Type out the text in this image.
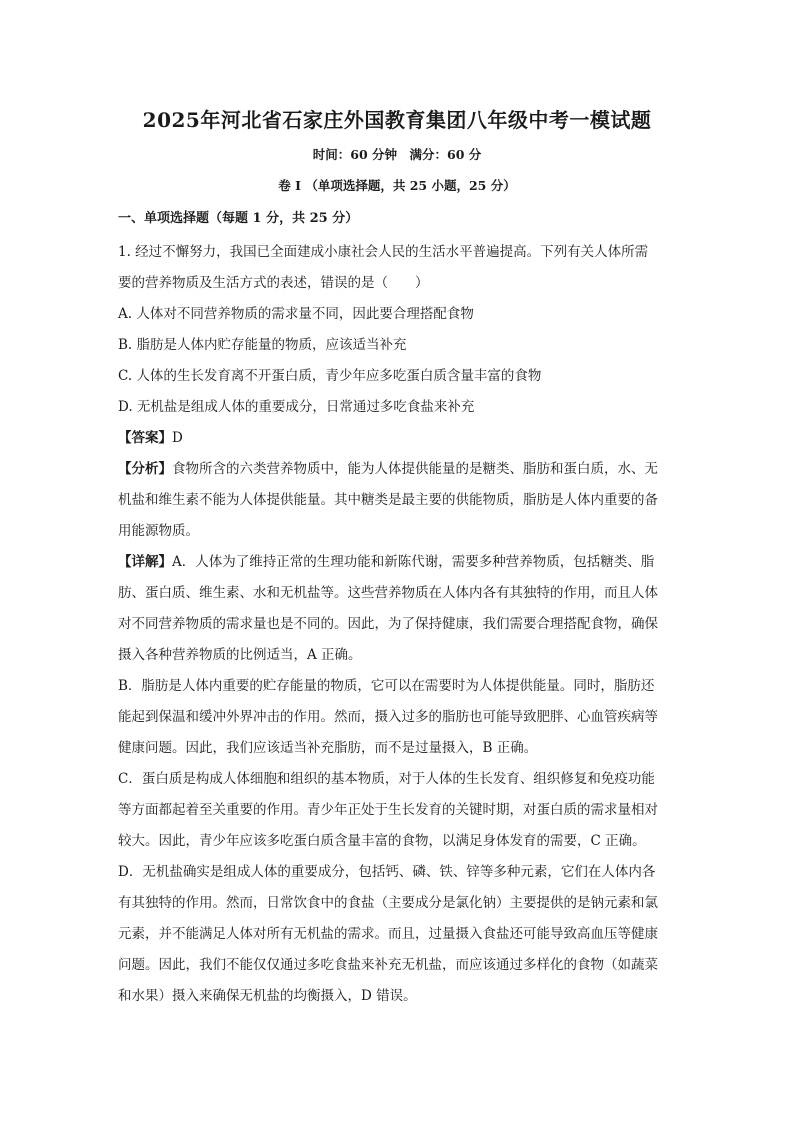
2025年河北省石家庄外国教育集团八年级中考一模试题
时间：60 分钟　满分：60 分
卷 I （单项选择题，共 25 小题，25 分）
一、单项选择题（每题 1 分，共 25 分）
1. 经过不懈努力，我国已全面建成小康社会人民的生活水平普遍提高。下列有关人体所需
要的营养物质及生活方式的表述，错误的是（　　）
A. 人体对不同营养物质的需求量不同，因此要合理搭配食物
B. 脂肪是人体内贮存能量的物质，应该适当补充
C. 人体的生长发育离不开蛋白质，青少年应多吃蛋白质含量丰富的食物
D. 无机盐是组成人体的重要成分，日常通过多吃食盐来补充
【答案】D
【分析】食物所含的六类营养物质中，能为人体提供能量的是糖类、脂肪和蛋白质，水、无
机盐和维生素不能为人体提供能量。其中糖类是最主要的供能物质，脂肪是人体内重要的备
用能源物质。
【详解】A．人体为了维持正常的生理功能和新陈代谢，需要多种营养物质，包括糖类、脂
肪、蛋白质、维生素、水和无机盐等。这些营养物质在人体内各有其独特的作用，而且人体
对不同营养物质的需求量也是不同的。因此，为了保持健康，我们需要合理搭配食物，确保
摄入各种营养物质的比例适当，A 正确。
B．脂肪是人体内重要的贮存能量的物质，它可以在需要时为人体提供能量。同时，脂肪还
能起到保温和缓冲外界冲击的作用。然而，摄入过多的脂肪也可能导致肥胖、心血管疾病等
健康问题。因此，我们应该适当补充脂肪，而不是过量摄入，B 正确。
C．蛋白质是构成人体细胞和组织的基本物质，对于人体的生长发育、组织修复和免疫功能
等方面都起着至关重要的作用。青少年正处于生长发育的关键时期，对蛋白质的需求量相对
较大。因此，青少年应该多吃蛋白质含量丰富的食物，以满足身体发育的需要，C 正确。
D．无机盐确实是组成人体的重要成分，包括钙、磷、铁、锌等多种元素，它们在人体内各
有其独特的作用。然而，日常饮食中的食盐（主要成分是氯化钠）主要提供的是钠元素和氯
元素，并不能满足人体对所有无机盐的需求。而且，过量摄入食盐还可能导致高血压等健康
问题。因此，我们不能仅仅通过多吃食盐来补充无机盐，而应该通过多样化的食物（如蔬菜
和水果）摄入来确保无机盐的均衡摄入，D 错误。
